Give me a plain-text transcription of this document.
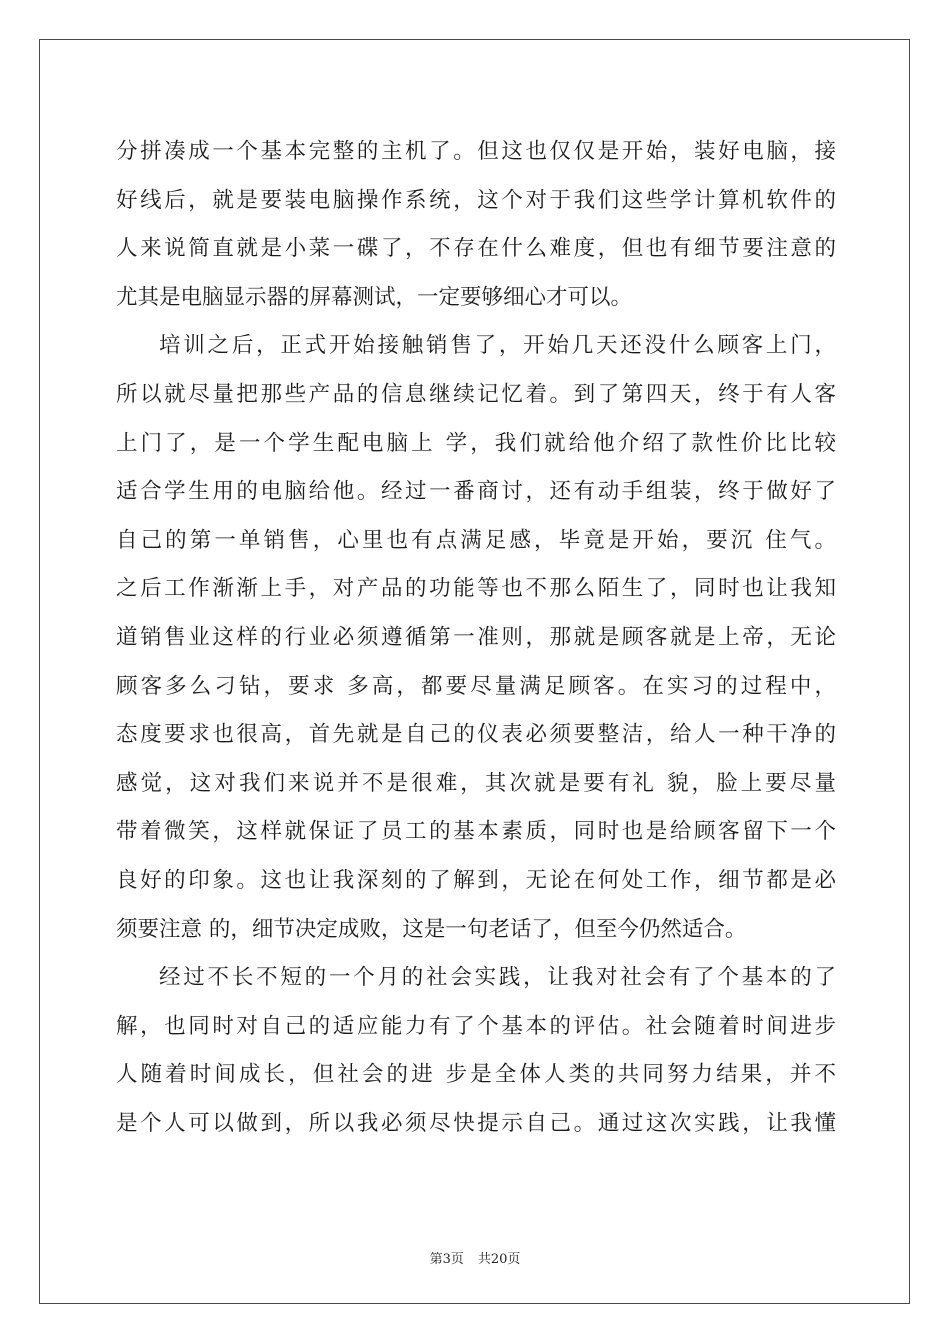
分拼凑成一个基本完整的主机了。但这也仅仅是开始，装好电脑，接
好线后，就是要装电脑操作系统，这个对于我们这些学计算机软件的
人来说简直就是小菜一碟了，不存在什么难度，但也有细节要注意的
尤其是电脑显示器的屏幕测试，一定要够细心才可以。
培训之后，正式开始接触销售了，开始几天还没什么顾客上门，
所以就尽量把那些产品的信息继续记忆着。到了第四天，终于有人客
上门了，是一个学生配电脑上 学，我们就给他介绍了款性价比比较
适合学生用的电脑给他。经过一番商讨，还有动手组装，终于做好了
自己的第一单销售，心里也有点满足感，毕竟是开始，要沉 住气。
之后工作渐渐上手，对产品的功能等也不那么陌生了，同时也让我知
道销售业这样的行业必须遵循第一准则，那就是顾客就是上帝，无论
顾客多么刁钻，要求 多高，都要尽量满足顾客。在实习的过程中，
态度要求也很高，首先就是自己的仪表必须要整洁，给人一种干净的
感觉，这对我们来说并不是很难，其次就是要有礼 貌，脸上要尽量
带着微笑，这样就保证了员工的基本素质，同时也是给顾客留下一个
良好的印象。这也让我深刻的了解到，无论在何处工作，细节都是必
须要注意 的，细节决定成败，这是一句老话了，但至今仍然适合。
经过不长不短的一个月的社会实践，让我对社会有了个基本的了
解，也同时对自己的适应能力有了个基本的评估。社会随着时间进步
人随着时间成长，但社会的进 步是全体人类的共同努力结果，并不
是个人可以做到，所以我必须尽快提示自己。通过这次实践，让我懂
第3页 共20页
